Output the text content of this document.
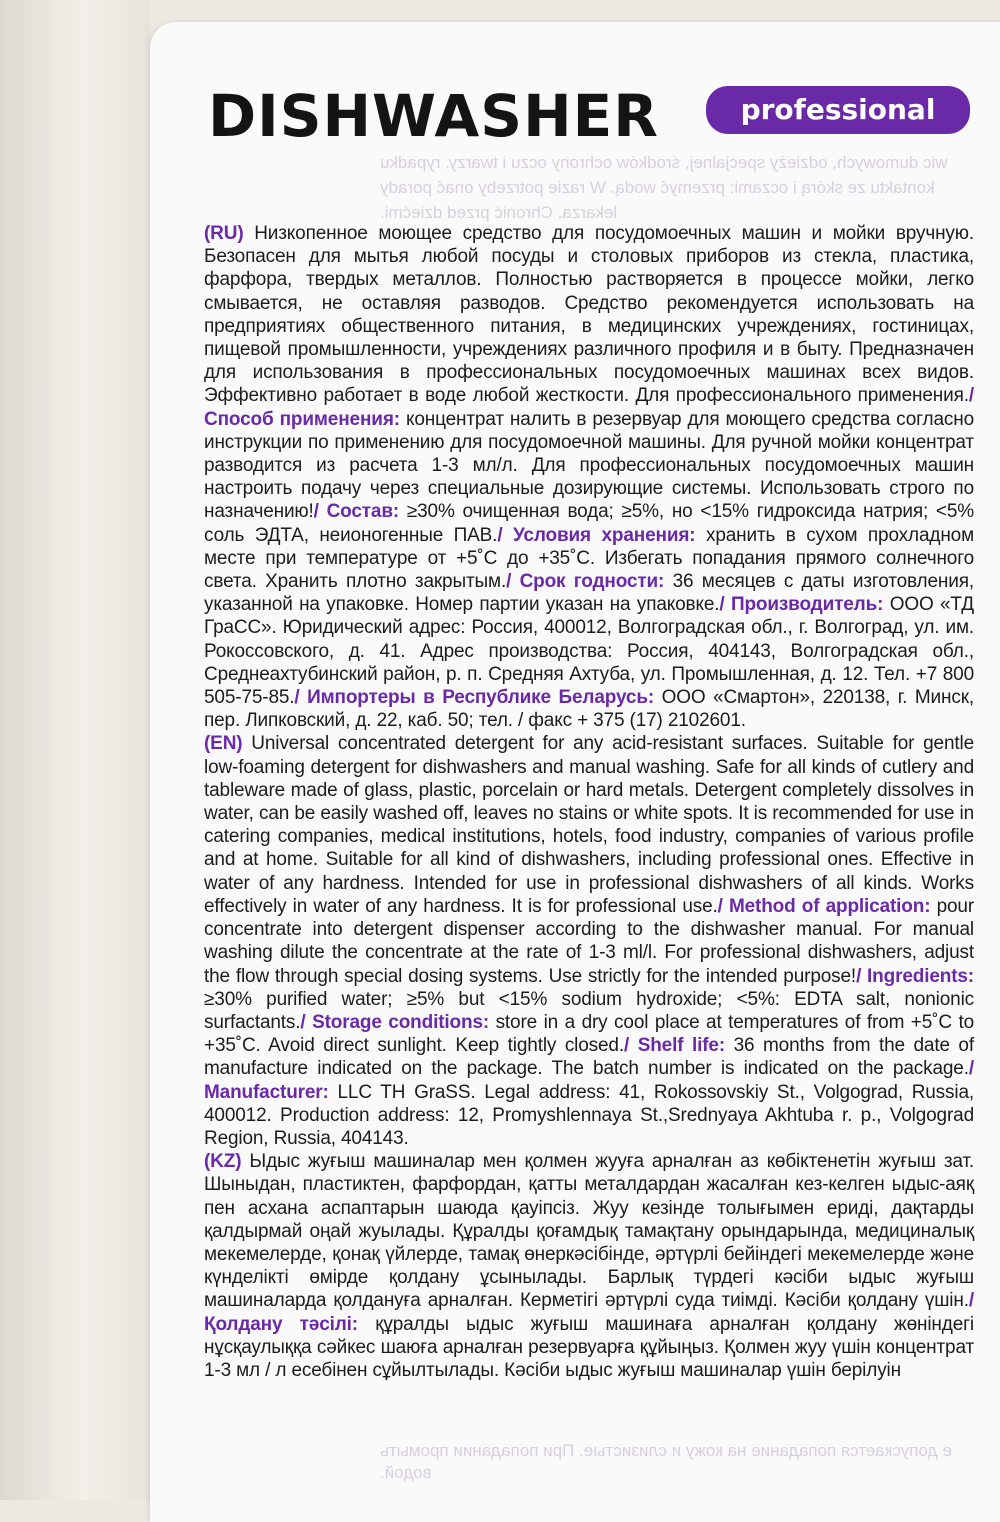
wic dumowych, odzieży specjalnej, środków ochrony oczu i twarzy. rypadku kontaktu ze skórą i oczami: przemyć wodą. W razie potrzeby onać porady lekarza. Chronić przed dziećmi.
DISHWASHER	professional

(RU) Низкопенное моющее средство для посудомоечных машин и мойки вручную. Безопасен для мытья любой посуды и столовых приборов из стекла, пластика, фарфора, твердых металлов. Полностью растворяется в процессе мойки, легко смывается, не оставляя разводов. Средство рекомендуется использовать на предприятиях общественного питания, в медицинских учреждениях, гостиницах, пищевой промышленности, учреждениях различного профиля и в быту. Предназначен для использования в профессиональных посудомоечных машинах всех видов. Эффективно работает в воде любой жесткости. Для профессионального применения./ Способ применения: концентрат налить в резервуар для моющего средства согласно инструкции по применению для посудомоечной машины. Для ручной мойки концентрат разводится из расчета 1-3 мл/л. Для профессиональных посудомоечных машин настроить подачу через специальные дозирующие системы. Использовать строго по назначению!/ Состав: ≥30% очищенная вода; ≥5%, но <15% гидроксида натрия; <5% соль ЭДТА, неионогенные ПАВ./ Условия хранения: хранить в сухом прохладном месте при температуре от +5˚С до +35˚С. Избегать попадания прямого солнечного света. Хранить плотно закрытым./ Срок годности: 36 месяцев с даты изготовления, указанной на упаковке. Номер партии указан на упаковке./ Производитель: ООО «ТД ГраСС». Юридический адрес: Россия, 400012, Волгоградская обл., г. Волгоград, ул. им. Рокоссовского, д. 41. Адрес производства: Россия, 404143, Волгоградская обл., Среднеахтубинский район, р. п. Средняя Ахтуба, ул. Промышленная, д. 12. Тел. +7 800 505-75-85./ Импортеры в Республике Беларусь: ООО «Смартон», 220138, г. Минск, пер. Липковский, д. 22, каб. 50; тел. / факс + 375 (17) 2102601.

(EN) Universal concentrated detergent for any acid-resistant surfaces. Suitable for gentle low-foaming detergent for dishwashers and manual washing. Safe for all kinds of cutlery and tableware made of glass, plastic, porcelain or hard metals. Detergent completely dissolves in water, can be easily washed off, leaves no stains or white spots. It is recommended for use in catering companies, medical institutions, hotels, food industry, companies of various profile and at home. Suitable for all kind of dishwashers, including professional ones. Effective in water of any hardness. Intended for use in professional dishwashers of all kinds. Works effectively in water of any hardness. It is for professional use./ Method of application: pour concentrate into detergent dispenser according to the dishwasher manual. For manual washing dilute the concentrate at the rate of 1-3 ml/l. For professional dishwashers, adjust the flow through special dosing systems. Use strictly for the intended purpose!/ Ingredients: ≥30% purified water; ≥5% but <15% sodium hydroxide; <5%: EDTA salt, nonionic surfactants./ Storage conditions: store in a dry cool place at temperatures of from +5˚C to +35˚C. Avoid direct sunlight. Keep tightly closed./ Shelf life: 36 months from the date of manufacture indicated on the package. The batch number is indicated on the package./ Manufacturer: LLC TH GraSS. Legal address: 41, Rokossovskiy St., Volgograd, Russia, 400012. Production address: 12, Promyshlennaya St.,Srednyaya Akhtuba r. p., Volgograd Region, Russia, 404143.

(KZ) Ыдыс жуғыш машиналар мен қолмен жууға арналған аз көбіктенетін жуғыш зат. Шыныдан, пластиктен, фарфордан, қатты металдардан жасалған кез-келген ыдыс-аяқ пен асхана аспаптарын шаюда қауіпсіз. Жуу кезінде толығымен ериді, дақтарды қалдырмай оңай жуылады. Құралды қоғамдық тамақтану орындарында, медициналық мекемелерде, қонақ үйлерде, тамақ өнеркәсібінде, әртүрлі бейіндегі мекемелерде және күнделікті өмірде қолдану ұсынылады. Барлық түрдегі кәсіби ыдыс жуғыш машиналарда қолдануға арналған. Керметігі әртүрлі суда тиімді. Кәсіби қолдану үшін./ Қолдану тәсілі: құралды ыдыс жуғыш машинаға арналған қолдану жөніндегі нұсқаулыққа сәйкес шаюға арналған резервуарға құйыңыз. Қолмен жуу үшін концентрат 1-3 мл / л есебінен сұйылтылады. Кәсіби ыдыс жуғыш машиналар үшін берілуін

е допускается попадание на кожу и слизистые. При попадании промыть водой.
